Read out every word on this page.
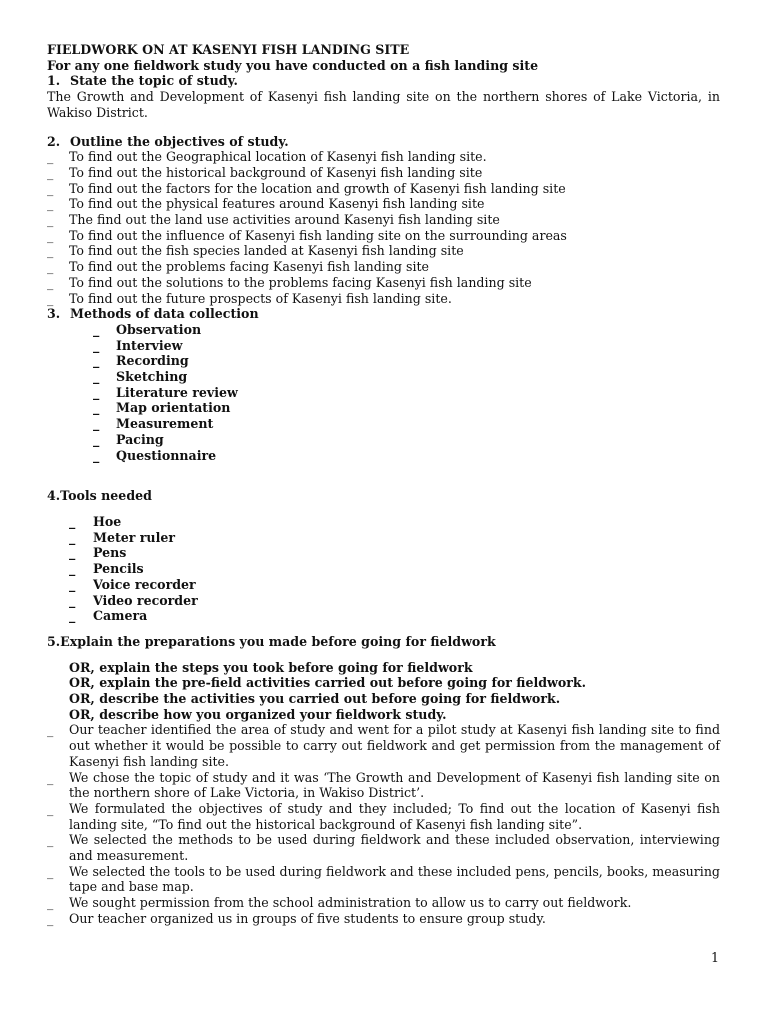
FIELDWORK ON AT KASENYI FISH LANDING SITE
For any one fieldwork study you have conducted on a fish landing site
1. State the topic of study.
The Growth and Development of Kasenyi fish landing site on the northern shores of Lake Victoria, in Wakiso District.
2. Outline the objectives of study.
_ To find out the Geographical location of Kasenyi fish landing site.
_ To find out the historical background of Kasenyi fish landing site
_ To find out the factors for the location and growth of Kasenyi fish landing site
_ To find out the physical features around Kasenyi fish landing site
_ The find out the land use activities around Kasenyi fish landing site
_ To find out the influence of Kasenyi fish landing site on the surrounding areas
_ To find out the fish species landed at Kasenyi fish landing site
_ To find out the problems facing Kasenyi fish landing site
_ To find out the solutions to the problems facing Kasenyi fish landing site
_ To find out the future prospects of Kasenyi fish landing site.
3. Methods of data collection
_ Observation
_ Interview
_ Recording
_ Sketching
_ Literature review
_ Map orientation
_ Measurement
_ Pacing
_ Questionnaire
4.Tools needed
_ Hoe
_ Meter ruler
_ Pens
_ Pencils
_ Voice recorder
_ Video recorder
_ Camera
5.Explain the preparations you made before going for fieldwork
OR, explain the steps you took before going for fieldwork
OR, explain the pre-field activities carried out before going for fieldwork.
OR, describe the activities you carried out before going for fieldwork.
OR, describe how you organized your fieldwork study.
_ Our teacher identified the area of study and went for a pilot study at Kasenyi fish landing site to find out whether it would be possible to carry out fieldwork and get permission from the management of Kasenyi fish landing site.
_ We chose the topic of study and it was ‘The Growth and Development of Kasenyi fish landing site on the northern shore of Lake Victoria, in Wakiso District’.
_ We formulated the objectives of study and they included; To find out the location of Kasenyi fish landing site, “To find out the historical background of Kasenyi fish landing site”.
_ We selected the methods to be used during fieldwork and these included observation, interviewing and measurement.
_ We selected the tools to be used during fieldwork and these included pens, pencils, books, measuring tape and base map.
_ We sought permission from the school administration to allow us to carry out fieldwork.
_ Our teacher organized us in groups of five students to ensure group study.
1
